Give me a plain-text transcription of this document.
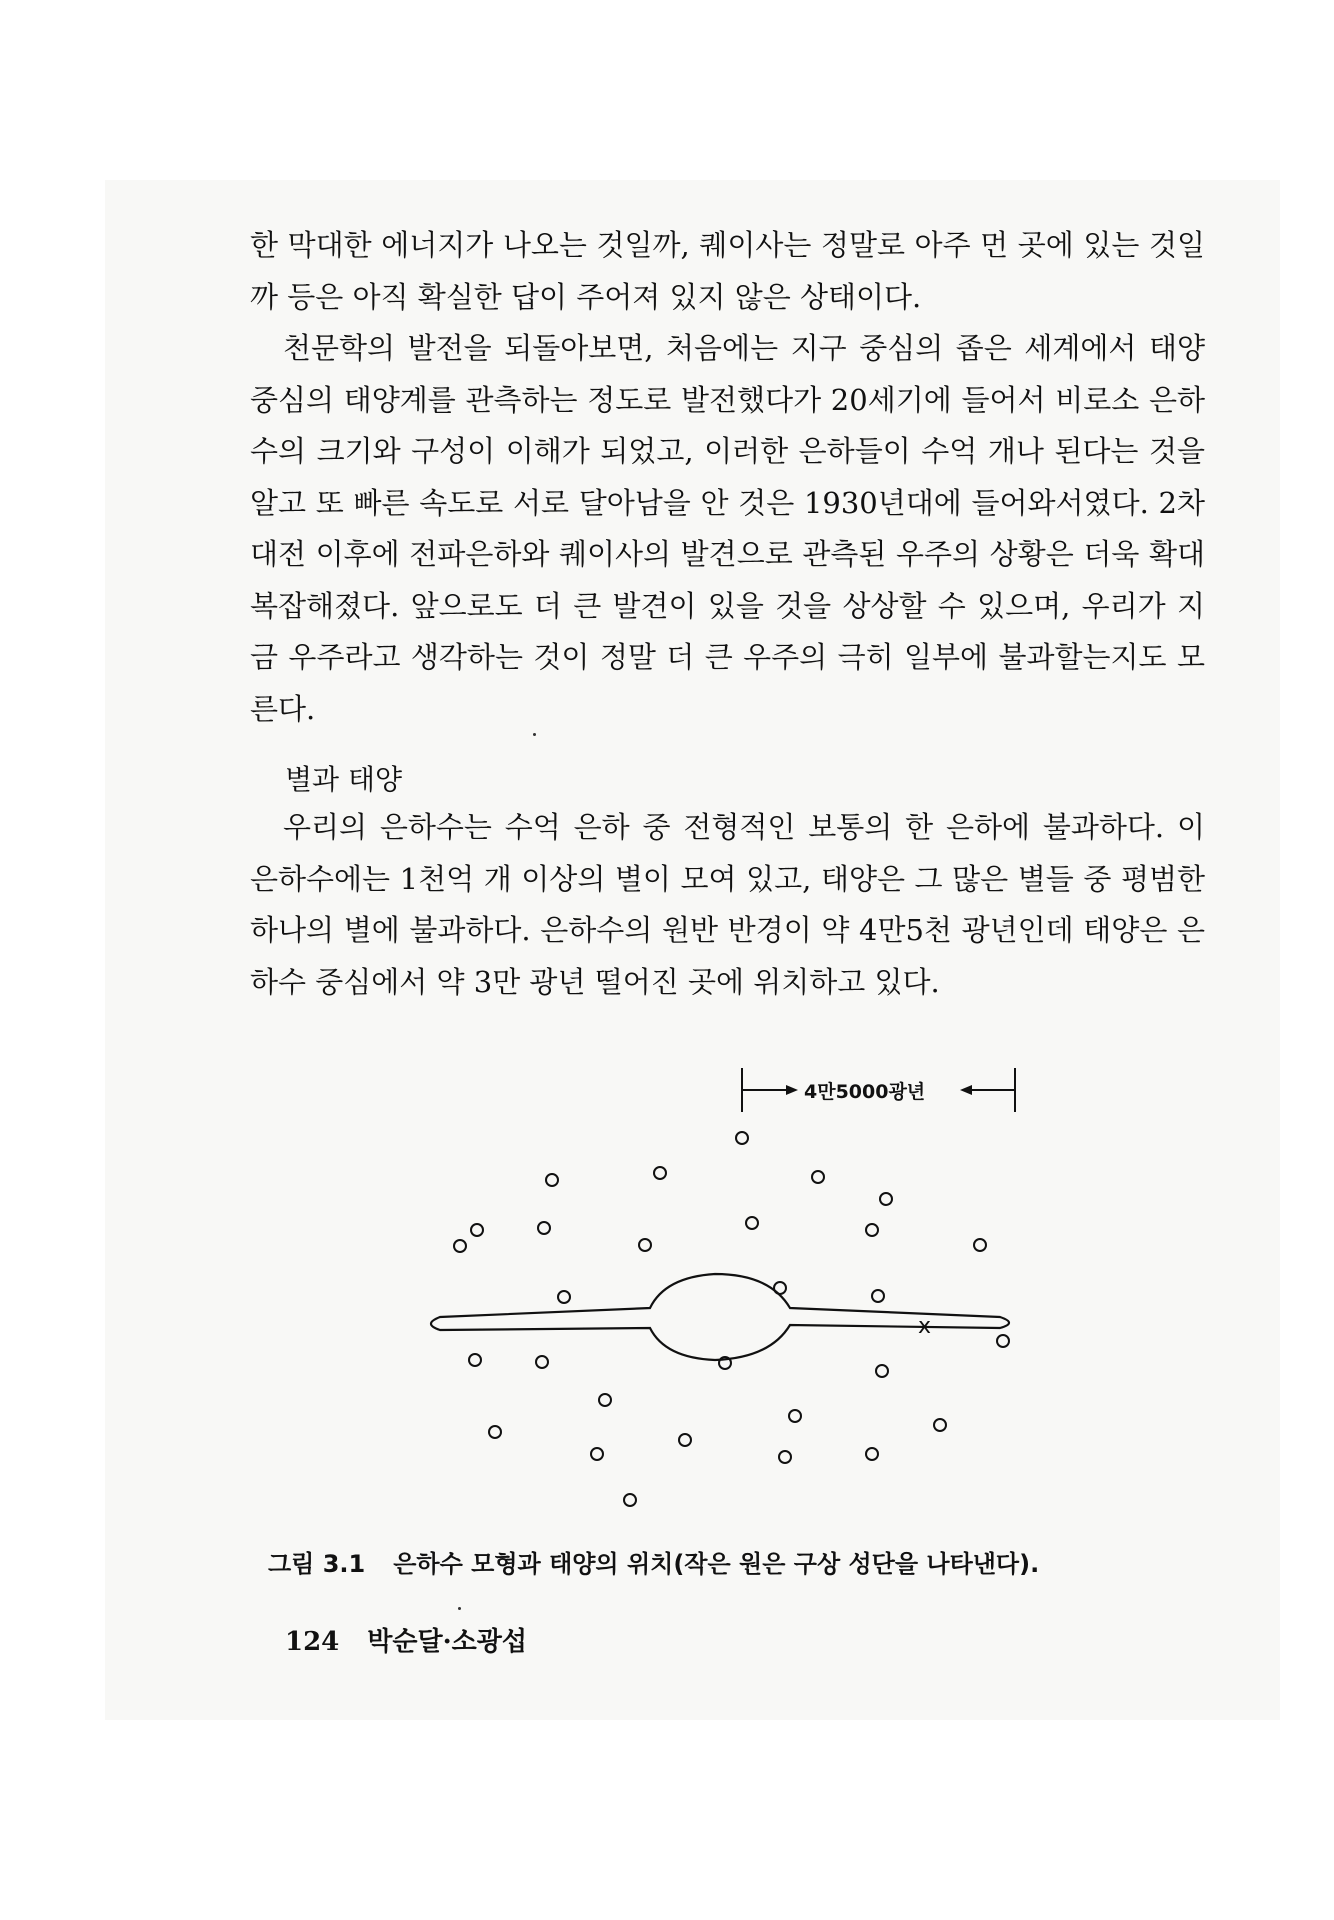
한 막대한 에너지가 나오는 것일까, 퀘이사는 정말로 아주 먼 곳에 있는 것일까 등은 아직 확실한 답이 주어져 있지 않은 상태이다.

천문학의 발전을 되돌아보면, 처음에는 지구 중심의 좁은 세계에서 태양 중심의 태양계를 관측하는 정도로 발전했다가 20세기에 들어서 비로소 은하수의 크기와 구성이 이해가 되었고, 이러한 은하들이 수억 개나 된다는 것을 알고 또 빠른 속도로 서로 달아남을 안 것은 1930년대에 들어와서였다. 2차 대전 이후에 전파은하와 퀘이사의 발견으로 관측된 우주의 상황은 더욱 확대 복잡해졌다. 앞으로도 더 큰 발견이 있을 것을 상상할 수 있으며, 우리가 지금 우주라고 생각하는 것이 정말 더 큰 우주의 극히 일부에 불과할는지도 모른다.

별과 태양

우리의 은하수는 수억 은하 중 전형적인 보통의 한 은하에 불과하다. 이 은하수에는 1천억 개 이상의 별이 모여 있고, 태양은 그 많은 별들 중 평범한 하나의 별에 불과하다. 은하수의 원반 반경이 약 4만5천 광년인데 태양은 은하수 중심에서 약 3만 광년 떨어진 곳에 위치하고 있다.

4만5000광년
x
그림 3.1 은하수 모형과 태양의 위치(작은 원은 구상 성단을 나타낸다).
124 박순달·소광섭
